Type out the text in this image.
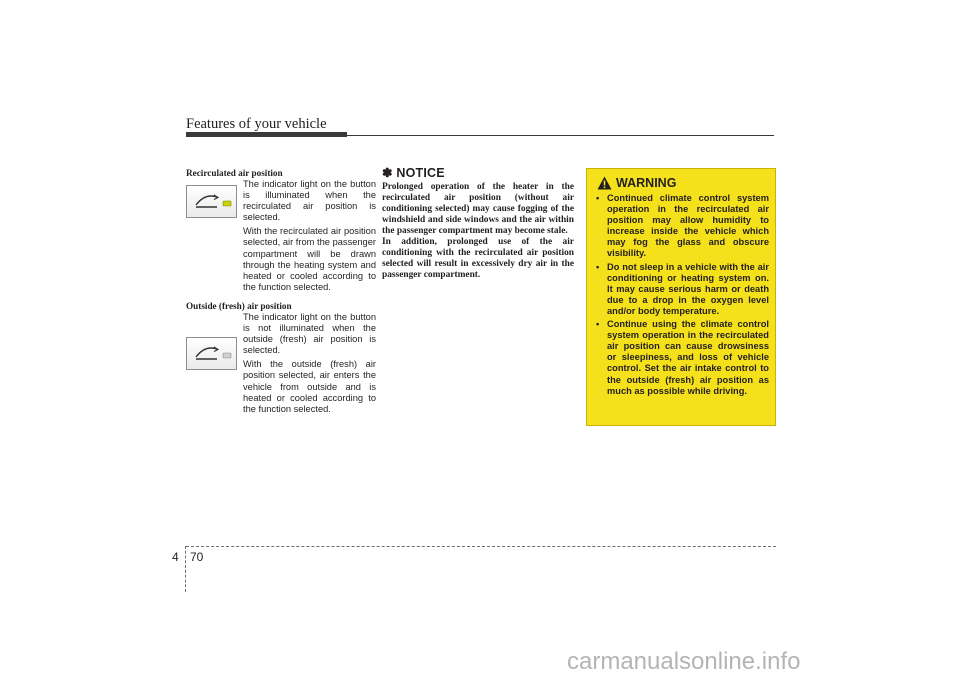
Features of your vehicle
Recirculated air position

The indicator light on the button is illuminated when the recirculated air position is selected.

With the recirculated air position selected, air from the passenger compartment will be drawn through the heating system and heated or cooled according to the function selected.

Outside (fresh) air position

The indicator light on the button is not illuminated when the outside (fresh) air position is selected.

With the outside (fresh) air position selected, air enters the vehicle from outside and is heated or cooled according to the function selected.

✽ NOTICE

Prolonged operation of the heater in the recirculated air position (without air conditioning selected) may cause fogging of the windshield and side windows and the air within the passenger compartment may become stale.

In addition, prolonged use of the air conditioning with the recirculated air position selected will result in excessively dry air in the passenger compartment.

WARNING
• Continued climate control system operation in the recirculated air position may allow humidity to increase inside the vehicle which may fog the glass and obscure visibility.
• Do not sleep in a vehicle with the air conditioning or heating system on. It may cause serious harm or death due to a drop in the oxygen level and/or body temperature.
• Continue using the climate control system operation in the recirculated air position can cause drowsiness or sleepiness, and loss of vehicle control. Set the air intake control to the outside (fresh) air position as much as possible while driving.
4 70
carmanualsonline.info
